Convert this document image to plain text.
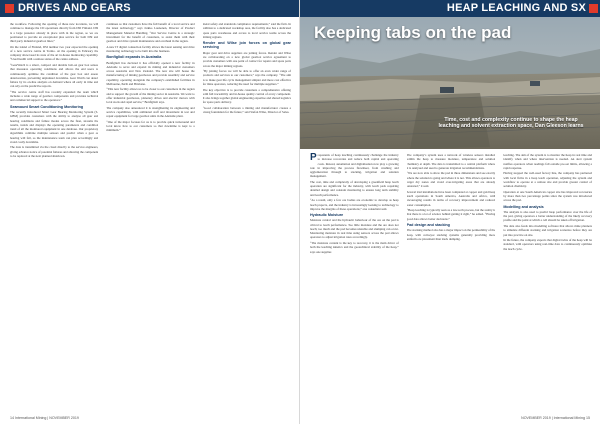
DRIVES AND GEARS

the workface. Following the opening of these new locations, we will continue to manage the CD operations directly from DSI Finland. DSI is a large presence already in place with in the region, so we are positioned to provide an exceptional plus service for both DSI and third party industrial gearbox lines,”

On the island of Finland, DSI number two year expected the opening of a new service centre in Torino. At the opening in February the company showcased its state of the art in-house monitoring capability. “Used health with a remote status of the centre address.

“GearWatch is a smart, compact and durable bolt-on gear box sensor that measures operating conditions and allows the end users to continuously optimise the condition of the gear box and assess deterioration, preventing unplanned downtime. Gear Watch can detect failure by its on-line analysis on demand where all early in time and can rely on the predictive reports.

“The service centre staff has recently expanded the team which includes a wide range of gearbox components and provides technical and commercial support to the operators.”

Seamount Smart Conditioning Monitoring

The recently introduced Smart Gear Bearing Monitoring System (S-GBM) provides customers with the ability to analyse all gear and bearing conditions and failure modes across the fleet, streams the results, trends and displays the operating parameters and condition trend of all the monitored equipment in one database. Our proprietary algorithms combine multiple sensors and predict when a gear or bearing will fail, so the maintenance team can plan accordingly and avoid costly downtime.

The data is transmitted via the cloud directly to the service engineers, giving advance notice of potential failures and allowing the component to be replaced at the next planned shutdown.

continues so that customers have the full benefit of a local service and the latest technology,” says Jarkko Launonen, Director of Product Management Material Handling. “Our Service Centre is a strategic investment for the benefit of customers, to assist them with their gearbox and drive system maintenance and overhaul in the region.

A new IT digital connection facility allows the latest sensing and drive monitoring technology to be built into the business.

Bonfiglioli expands in Australia

Bonfiglioli has declared it has officially opened a new facility in Adelaide to serve and expand its mining and industrial customers across Australia and New Zealand. The new site will house the manufacturing of mining gearboxes and provide assembly and service capability, operating alongside the company's established facilities in Melbourne, Perth and Brisbane.

“This new facility allows us to be closer to our customers in the region and to support the growth of the mining sector in Australia. We want to offer industrial gearboxes, planetary drives and electric motors with local stock and rapid service,” Bonfiglioli says.

The company also announced it is strengthening its engineering and service capabilities, with additional staff and investment in test and repair equipment for large gearbox units in the Adelaide plant.

“One of the major focuses for us is to provide quick turnaround and local know how to our customers so that downtime is kept to a minimum.”

metal safety and standards compliance requirements,” said the firm. In addition to a dedicated workshop area, the facility also has a dedicated spare parts warehouse and access to local service teams across the mining regions.

Render and Wilse join forces on global gear servicing

Major gear and drive suppliers are joining forces. Render and Wilse are collaborating on a new global gearbox service agreement to provide customers with one point of contact for repairs and spare parts across the major mining regions.

“By joining forces we will be able to offer an even wider range of products and services to our customers,” says the company. “The aim is to make gear life cycle management simpler and more cost effective for mine operators, reducing the need for multiple suppliers.”

The key objective is to provide customers a comprehensive offering with full traceability and in-house quality control of every component. It also brings together global engineering expertise and shared logistics for spare parts delivery.

“Good collaboration between a mining and manufacturer creates a strong foundation for the future,” said Stefan Wilse, Director of Sales.

14 International Mining | NOVEMBER 2019
HEAP LEACHING AND SX
Keeping tabs on the pad
Time, cost and complexity continue to shape the heap leaching and solvent extraction space, Dan Gleeson learns

Proponents of heap leaching continuously challenge the industry to increase recoveries and reduce both capital and operating costs. Instead, automation and digitalisation now play a growing role in improving the process flowsheet, from crushing and agglomeration through to stacking, irrigation and solution management.

The cost, time and complexity of developing a greenfield heap leach operation are significant for the industry, with leach pads requiring detailed design and constant monitoring to ensure long term stability and leach performance.

“As a result, only a few ore bodies are economic to develop as heap leach projects, and the industry is increasingly looking to technology to improve the margins of these operations,” one consultant said.

Hydraulic Moisture

Moisture control and the hydraulic behaviour of the ore on the pad is critical to leach performance. Too little moisture and the ore does not leach; too much and the pad becomes unstable and slumping can occur. Monitoring moisture in real time using sensors across the pad allows operators to adjust irrigation rates accordingly.

“The moisture content is the key to recovery, it is the main driver of both the leaching kinetics and the geotechnical stability of the heap,” says one supplier.

The company’s system uses a network of wireless sensors installed within the heap to measure moisture, temperature and solution chemistry at depth. The data is transmitted to a central platform where it is analysed and used to generate irrigation recommendations.

“We are now able to show the pad in three dimensions and see exactly where the solution is going and where it is not. This allows operators to target dry zones and avoid over-irrigating areas that are already saturated,” it said.

Several trial installations have been completed at copper and gold heap leach operations in South America, Australia and Africa, with encouraging results in terms of recovery improvement and reduced water consumption.

“Heap leaching is typically seen as a low-tech process, but the reality is that there is a lot of science behind getting it right,” he added. “Having good data allows better decisions.”

Pad design and stacking

The stacking method also has a major impact on the permeability of the heap, with conveyor stacking systems generally providing more uniform ore placement than truck dumping.

leaching. The aim of the system is to monitor the heap in real time and identify when and where intervention is needed. An alert system notifies operators when readings fall outside pre-set limits, allowing a rapid response.

Having stopped the well-used factory line, the company has partnered with local firms in a heap leach operation, adjusting the system and workflow to operate at a remote site and provide greater control of solution chemistry.

Operation at one South American copper site has improved recoveries by more than two percentage points since the system was introduced across the pad.

Modelling and analysis

The analysis is also used to predict heap performance over the life of the pad, giving operators a better understanding of the likely recovery profile and the point at which a cell should be taken off irrigation.

The data also feeds into modelling software that allows mine planners to simulate different stacking and irrigation scenarios before they are put into practice on site.

In the future, the company expects that digital twins of the heap will be standard, with operators using real-time data to continuously optimise the leach cycle.

NOVEMBER 2019 | International Mining 15
